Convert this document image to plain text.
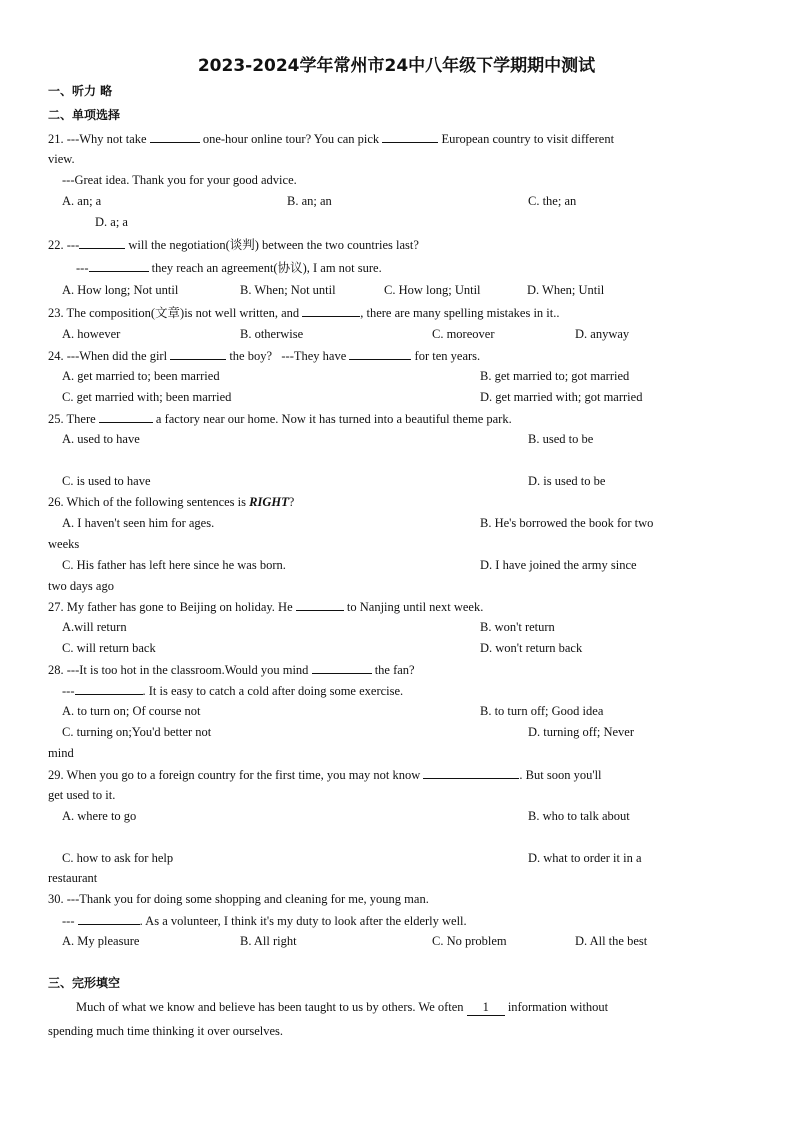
2023-2024学年常州市24中八年级下学期期中测试
一、听力 略
二、单项选择
21. ---Why not take	one-hour online tour? You can pick	European country to visit different
view.
---Great idea. Thank you for your good advice.
A. an; a	B. an; an	C. the; an
D. a; a
22. ---	will the negotiation(谈判) between the two countries last?
---	they reach an agreement(协议), I am not sure.
A. How long; Not until	B. When; Not until	C. How long; Until	D. When; Until
23. The composition(文章)is not well written, and	, there are many spelling mistakes in it..
A. however	B. otherwise	C. moreover	D. anyway
24. ---When did the girl	the boy? ---They have	for ten years.
A. get married to; been married	B. get married to; got married
C. get married with; been married	D. get married with; got married
25. There	a factory near our home. Now it has turned into a beautiful theme park.
A. used to have	B. used to be
C. is used to have	D. is used to be
26. Which of the following sentences is RIGHT?
A. I haven't seen him for ages.	B. He's borrowed the book for two
weeks
C. His father has left here since he was born.	D. I have joined the army since
two days ago
27. My father has gone to Beijing on holiday. He	to Nanjing until next week.
A.will return	B. won't return
C. will return back	D. won't return back
28. ---It is too hot in the classroom.Would you mind	the fan?
---	. It is easy to catch a cold after doing some exercise.
A. to turn on; Of course not	B. to turn off; Good idea
C. turning on;You'd better not	D. turning off; Never
mind
29. When you go to a foreign country for the first time, you may not know	. But soon you'll
get used to it.
A. where to go	B. who to talk about
C. how to ask for help	D. what to order it in a
restaurant
30. ---Thank you for doing some shopping and cleaning for me, young man.
---	. As a volunteer, I think it's my duty to look after the elderly well.
A. My pleasure	B. All right	C. No problem	D. All the best
三、完形填空
Much of what we know and believe has been taught to us by others. We often 1 information without
spending much time thinking it over ourselves.
